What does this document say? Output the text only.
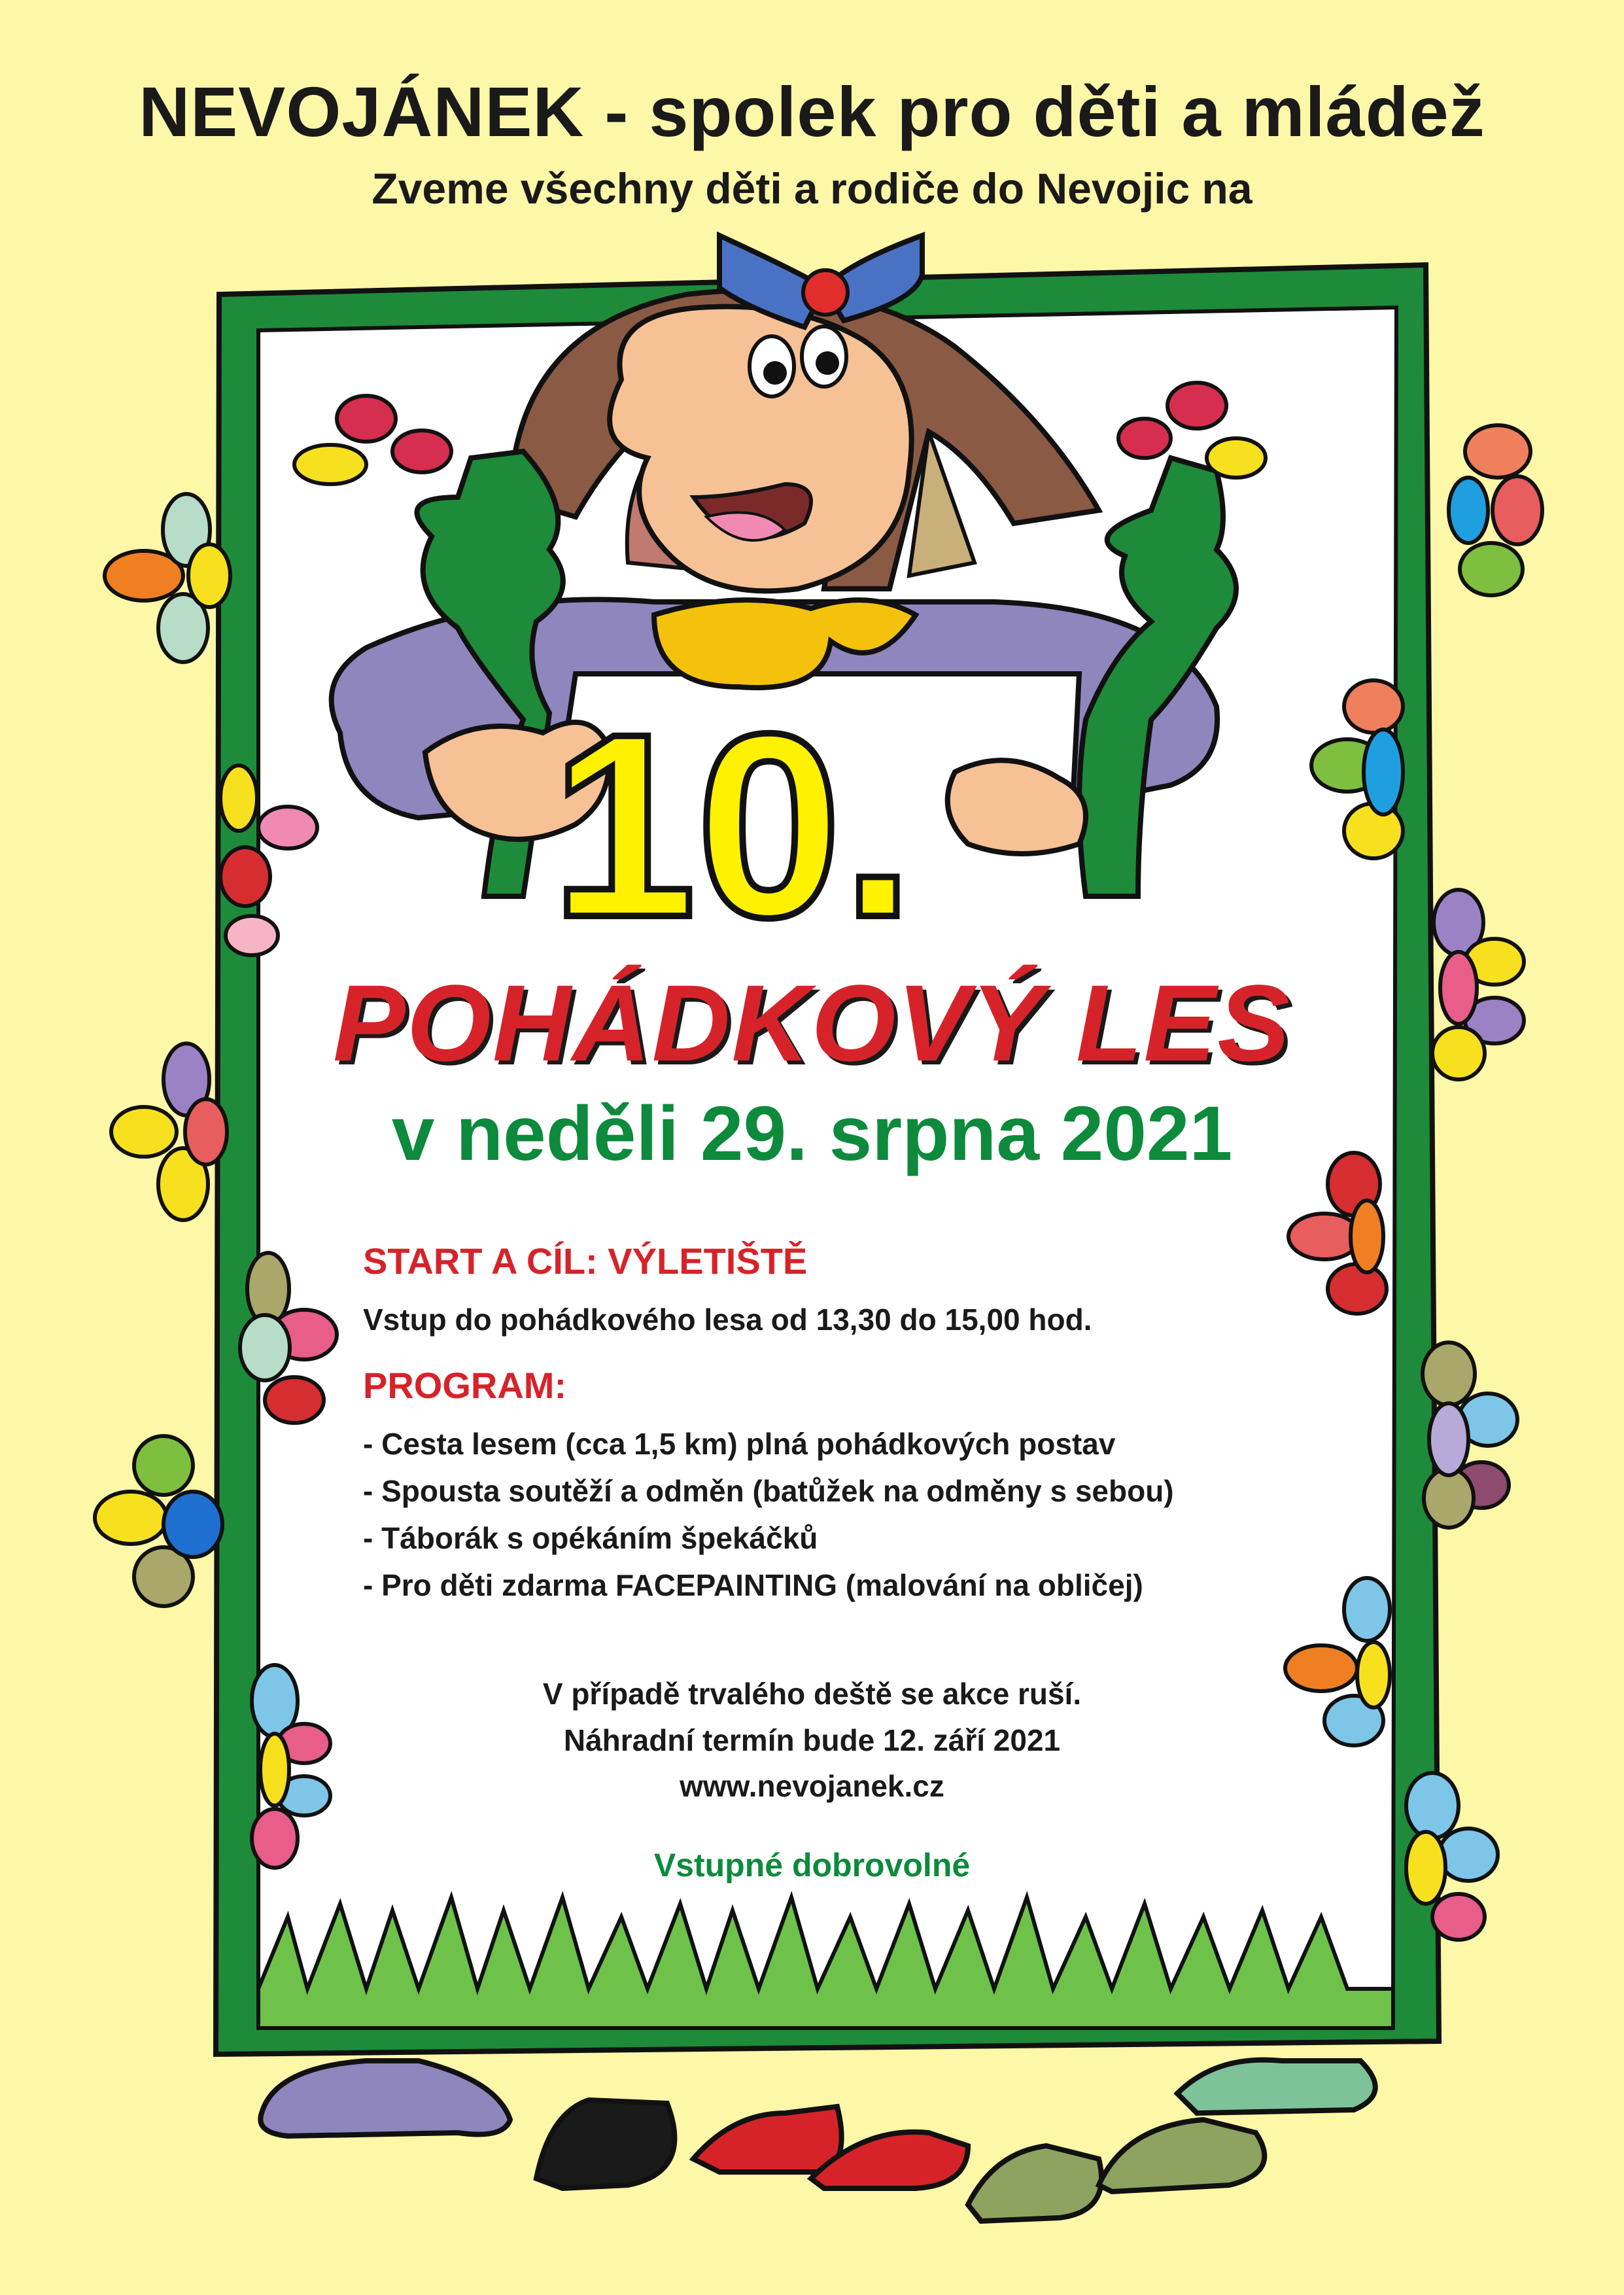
NEVOJÁNEK - spolek pro děti a mládež
Zveme všechny děti a rodiče do Nevojic na
10.
POHÁDKOVÝ LES
v neděli 29. srpna 2021
START A CÍL: VÝLETIŠTĚ
Vstup do pohádkového lesa od 13,30 do 15,00 hod.
PROGRAM:
- Cesta lesem (cca 1,5 km) plná pohádkových postav
- Spousta soutěží a odměn (batůžek na odměny s sebou)
- Táborák s opékáním špekáčků
- Pro děti zdarma FACEPAINTING (malování na obličej)
V případě trvalého deště se akce ruší.
Náhradní termín bude 12. září 2021
www.nevojanek.cz
Vstupné dobrovolné
